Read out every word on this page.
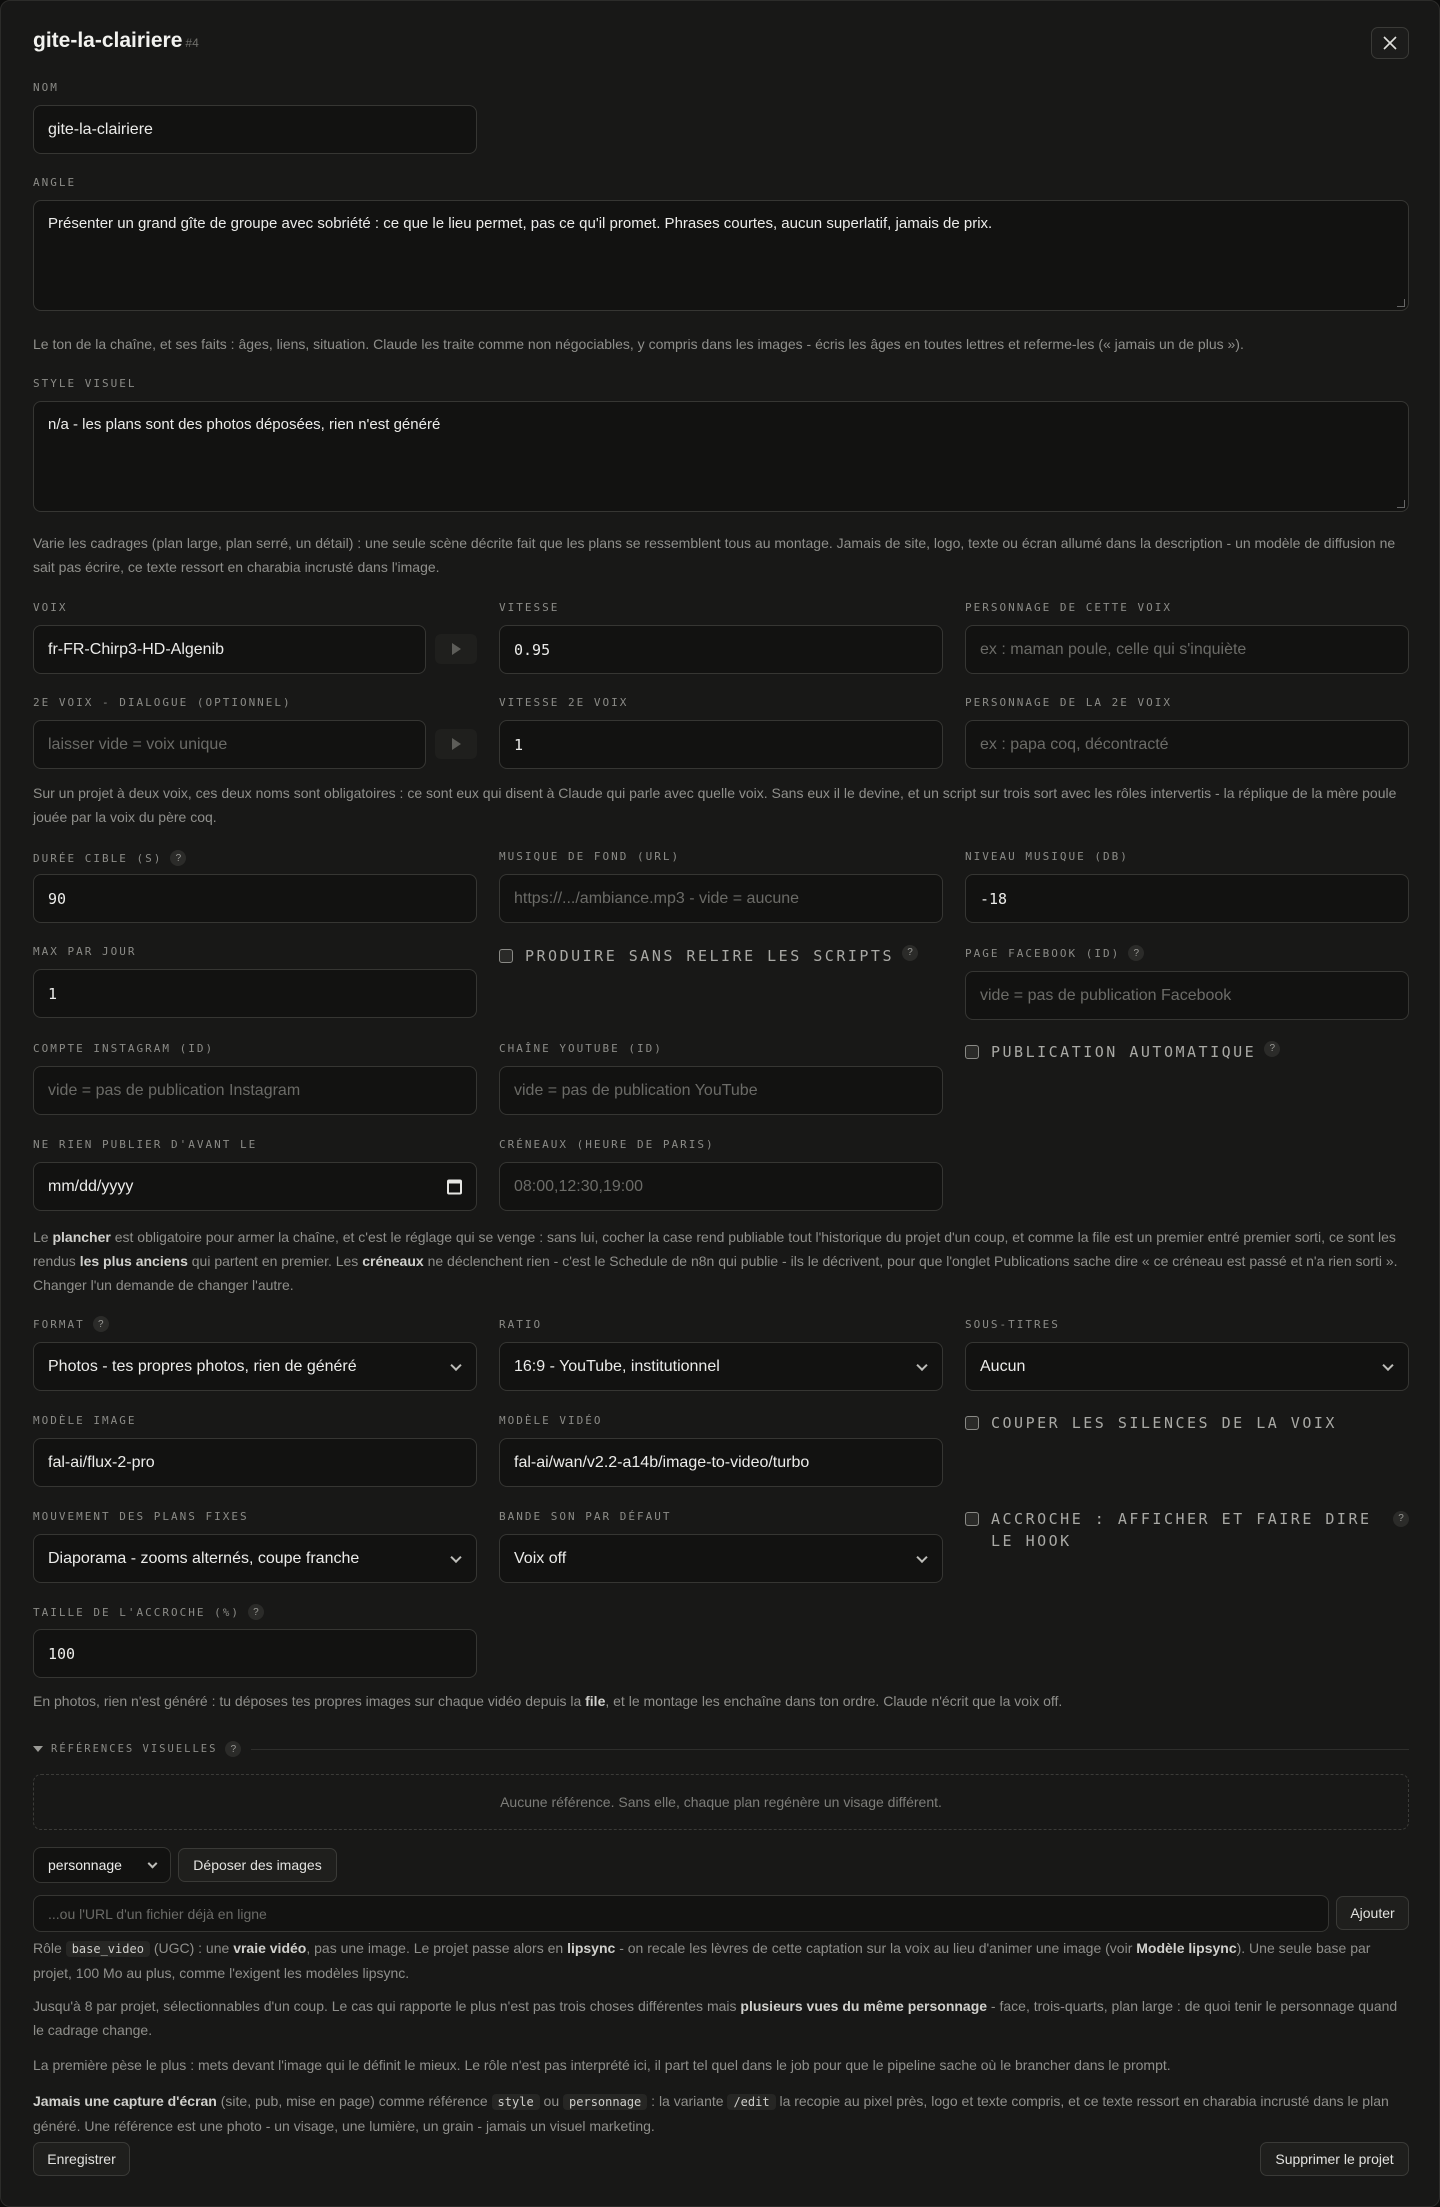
gite-la-clairiere #4
NOM
gite-la-clairiere
ANGLE
Présenter un grand gîte de groupe avec sobriété : ce que le lieu permet, pas ce qu'il promet. Phrases courtes, aucun superlatif, jamais de prix.
Le ton de la chaîne, et ses faits : âges, liens, situation. Claude les traite comme non négociables, y compris dans les images - écris les âges en toutes lettres et referme-les (« jamais un de plus »).
STYLE VISUEL
n/a - les plans sont des photos déposées, rien n'est généré
Varie les cadrages (plan large, plan serré, un détail) : une seule scène décrite fait que les plans se ressemblent tous au montage. Jamais de site, logo, texte ou écran allumé dans la description - un modèle de diffusion ne sait pas écrire, ce texte ressort en charabia incrusté dans l'image.
VOIX
fr-FR-Chirp3-HD-Algenib
VITESSE
0.95
PERSONNAGE DE CETTE VOIX
ex : maman poule, celle qui s'inquiète
2E VOIX - DIALOGUE (OPTIONNEL)
laisser vide = voix unique
VITESSE 2E VOIX
1
PERSONNAGE DE LA 2E VOIX
ex : papa coq, décontracté
Sur un projet à deux voix, ces deux noms sont obligatoires : ce sont eux qui disent à Claude qui parle avec quelle voix. Sans eux il le devine, et un script sur trois sort avec les rôles intervertis - la réplique de la mère poule jouée par la voix du père coq.
DURÉE CIBLE (S)	?
90
MUSIQUE DE FOND (URL)
https://.../ambiance.mp3 - vide = aucune
NIVEAU MUSIQUE (DB)
-18
MAX PAR JOUR
1
PRODUIRE SANS RELIRE LES SCRIPTS	?	PAGE FACEBOOK (ID)	?
vide = pas de publication Facebook
COMPTE INSTAGRAM (ID)
vide = pas de publication Instagram
CHAÎNE YOUTUBE (ID)
vide = pas de publication YouTube
PUBLICATION AUTOMATIQUE	?
NE RIEN PUBLIER D'AVANT LE
mm/dd/yyyy
CRÉNEAUX (HEURE DE PARIS)
08:00,12:30,19:00
Le plancher est obligatoire pour armer la chaîne, et c'est le réglage qui se venge : sans lui, cocher la case rend publiable tout l'historique du projet d'un coup, et comme la file est un premier entré premier sorti, ce sont les rendus les plus anciens qui partent en premier. Les créneaux ne déclenchent rien - c'est le Schedule de n8n qui publie - ils le décrivent, pour que l'onglet Publications sache dire « ce créneau est passé et n'a rien sorti ». Changer l'un demande de changer l'autre.
FORMAT	?
Photos - tes propres photos, rien de généré
RATIO
16:9 - YouTube, institutionnel
SOUS-TITRES
Aucun
MODÈLE IMAGE
fal-ai/flux-2-pro
MODÈLE VIDÉO
fal-ai/wan/v2.2-a14b/image-to-video/turbo
COUPER LES SILENCES DE LA VOIX
MOUVEMENT DES PLANS FIXES
Diaporama - zooms alternés, coupe franche
BANDE SON PAR DÉFAUT
Voix off
ACCROCHE : AFFICHER ET FAIRE DIRE LE HOOK
?
TAILLE DE L'ACCROCHE (%)	?
100
En photos, rien n'est généré : tu déposes tes propres images sur chaque vidéo depuis la file, et le montage les enchaîne dans ton ordre. Claude n'écrit que la voix off.
RÉFÉRENCES VISUELLES	?
Aucune référence. Sans elle, chaque plan regénère un visage différent.
personnage	Déposer des images
...ou l'URL d'un fichier déjà en ligne	Ajouter
Rôle base_video (UGC) : une vraie vidéo, pas une image. Le projet passe alors en lipsync - on recale les lèvres de cette captation sur la voix au lieu d'animer une image (voir Modèle lipsync). Une seule base par projet, 100 Mo au plus, comme l'exigent les modèles lipsync.
Jusqu'à 8 par projet, sélectionnables d'un coup. Le cas qui rapporte le plus n'est pas trois choses différentes mais plusieurs vues du même personnage - face, trois-quarts, plan large : de quoi tenir le personnage quand le cadrage change.
La première pèse le plus : mets devant l'image qui le définit le mieux. Le rôle n'est pas interprété ici, il part tel quel dans le job pour que le pipeline sache où le brancher dans le prompt.
Jamais une capture d'écran (site, pub, mise en page) comme référence style ou personnage : la variante /edit la recopie au pixel près, logo et texte compris, et ce texte ressort en charabia incrusté dans le plan généré. Une référence est une photo - un visage, une lumière, un grain - jamais un visuel marketing.
Enregistrer	Supprimer le projet
